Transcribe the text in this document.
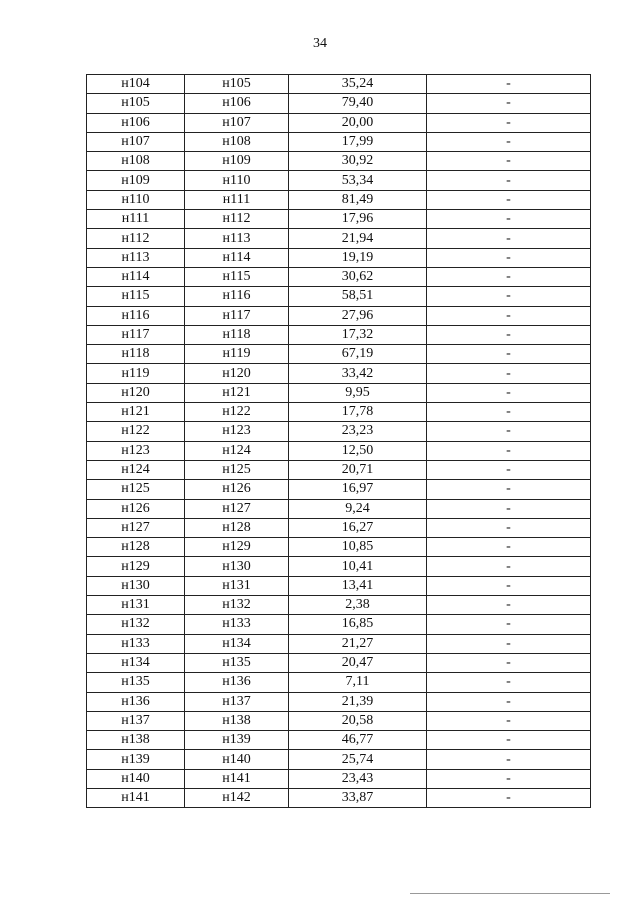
34
н104	н105	35,24	-
н105	н106	79,40	-
н106	н107	20,00	-
н107	н108	17,99	-
н108	н109	30,92	-
н109	н110	53,34	-
н110	н111	81,49	-
н111	н112	17,96	-
н112	н113	21,94	-
н113	н114	19,19	-
н114	н115	30,62	-
н115	н116	58,51	-
н116	н117	27,96	-
н117	н118	17,32	-
н118	н119	67,19	-
н119	н120	33,42	-
н120	н121	9,95	-
н121	н122	17,78	-
н122	н123	23,23	-
н123	н124	12,50	-
н124	н125	20,71	-
н125	н126	16,97	-
н126	н127	9,24	-
н127	н128	16,27	-
н128	н129	10,85	-
н129	н130	10,41	-
н130	н131	13,41	-
н131	н132	2,38	-
н132	н133	16,85	-
н133	н134	21,27	-
н134	н135	20,47	-
н135	н136	7,11	-
н136	н137	21,39	-
н137	н138	20,58	-
н138	н139	46,77	-
н139	н140	25,74	-
н140	н141	23,43	-
н141	н142	33,87	-
